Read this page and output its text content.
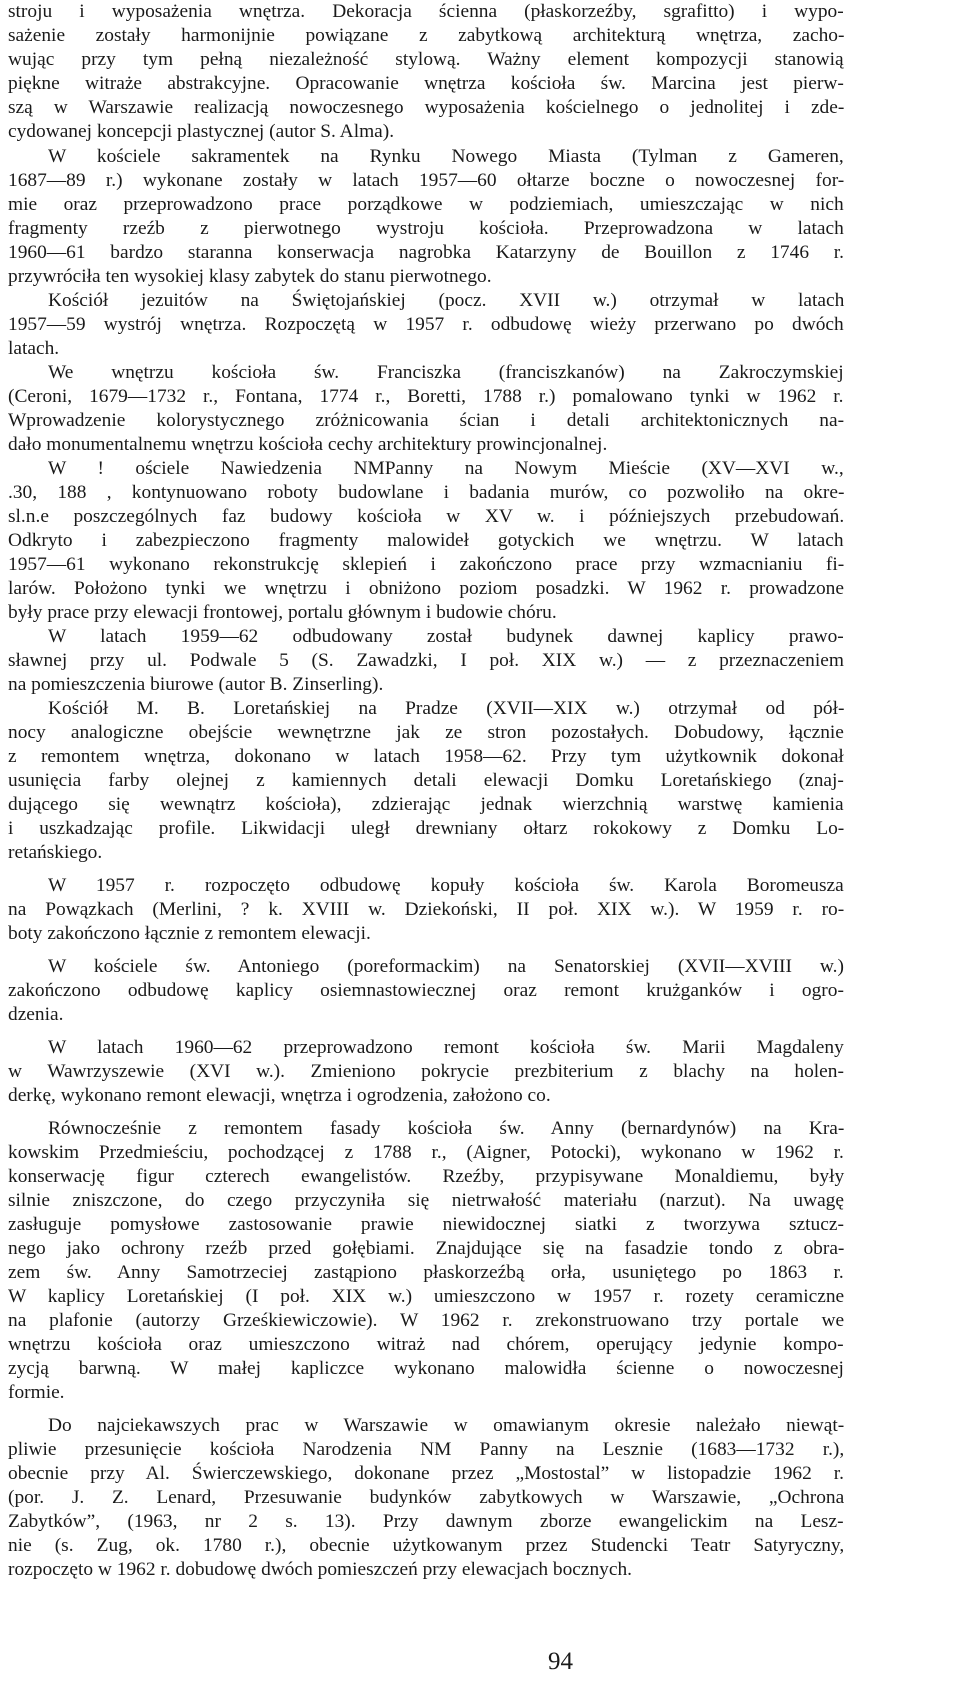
stroju i wyposażenia wnętrza. Dekoracja ścienna (płaskorzeźby, sgrafitto) i wypo-
sażenie zostały harmonijnie powiązane z zabytkową architekturą wnętrza, zacho-
wując przy tym pełną niezależność stylową. Ważny element kompozycji stanowią
piękne witraże abstrakcyjne. Opracowanie wnętrza kościoła św. Marcina jest pierw-
szą w Warszawie realizacją nowoczesnego wyposażenia kościelnego o jednolitej i zde-
cydowanej koncepcji plastycznej (autor S. Alma).
W kościele sakramentek na Rynku Nowego Miasta (Tylman z Gameren,
1687—89 r.) wykonane zostały w latach 1957—60 ołtarze boczne o nowoczesnej for-
mie oraz przeprowadzono prace porządkowe w podziemiach, umieszczając w nich
fragmenty rzeźb z pierwotnego wystroju kościoła. Przeprowadzona w latach
1960—61 bardzo staranna konserwacja nagrobka Katarzyny de Bouillon z 1746 r.
przywróciła ten wysokiej klasy zabytek do stanu pierwotnego.
Kościół jezuitów na Świętojańskiej (pocz. XVII w.) otrzymał w latach
1957—59 wystrój wnętrza. Rozpoczętą w 1957 r. odbudowę wieży przerwano po dwóch
latach.
We wnętrzu kościoła św. Franciszka (franciszkanów) na Zakroczymskiej
(Ceroni, 1679—1732 r., Fontana, 1774 r., Boretti, 1788 r.) pomalowano tynki w 1962 r.
Wprowadzenie kolorystycznego zróżnicowania ścian i detali architektonicznych na-
dało monumentalnemu wnętrzu kościoła cechy architektury prowincjonalnej.
W ! ościele Nawiedzenia NMPanny na Nowym Mieście (XV—XVI w.,
.30, 188 , kontynuowano roboty budowlane i badania murów, co pozwoliło na okre-
sl.n.e poszczególnych faz budowy kościoła w XV w. i późniejszych przebudowań.
Odkryto i zabezpieczono fragmenty malowideł gotyckich we wnętrzu. W latach
1957—61 wykonano rekonstrukcję sklepień i zakończono prace przy wzmacnianiu fi-
larów. Położono tynki we wnętrzu i obniżono poziom posadzki. W 1962 r. prowadzone
były prace przy elewacji frontowej, portalu głównym i budowie chóru.
W latach 1959—62 odbudowany został budynek dawnej kaplicy prawo-
sławnej przy ul. Podwale 5 (S. Zawadzki, I poł. XIX w.) — z przeznaczeniem
na pomieszczenia biurowe (autor B. Zinserling).
Kościół M. B. Loretańskiej na Pradze (XVII—XIX w.) otrzymał od pół-
nocy analogiczne obejście wewnętrzne jak ze stron pozostałych. Dobudowy, łącznie
z remontem wnętrza, dokonano w latach 1958—62. Przy tym użytkownik dokonał
usunięcia farby olejnej z kamiennych detali elewacji Domku Loretańskiego (znaj-
dującego się wewnątrz kościoła), zdzierając jednak wierzchnią warstwę kamienia
i uszkadzając profile. Likwidacji uległ drewniany ołtarz rokokowy z Domku Lo-
retańskiego.
W 1957 r. rozpoczęto odbudowę kopuły kościoła św. Karola Boromeusza
na Powązkach (Merlini, ? k. XVIII w. Dziekoński, II poł. XIX w.). W 1959 r. ro-
boty zakończono łącznie z remontem elewacji.
W kościele św. Antoniego (poreformackim) na Senatorskiej (XVII—XVIII w.)
zakończono odbudowę kaplicy osiemnastowiecznej oraz remont krużganków i ogro-
dzenia.
W latach 1960—62 przeprowadzono remont kościoła św. Marii Magdaleny
w Wawrzyszewie (XVI w.). Zmieniono pokrycie prezbiterium z blachy na holen-
derkę, wykonano remont elewacji, wnętrza i ogrodzenia, założono co.
Równocześnie z remontem fasady kościoła św. Anny (bernardynów) na Kra-
kowskim Przedmieściu, pochodzącej z 1788 r., (Aigner, Potocki), wykonano w 1962 r.
konserwację figur czterech ewangelistów. Rzeźby, przypisywane Monaldiemu, były
silnie zniszczone, do czego przyczyniła się nietrwałość materiału (narzut). Na uwagę
zasługuje pomysłowe zastosowanie prawie niewidocznej siatki z tworzywa sztucz-
nego jako ochrony rzeźb przed gołębiami. Znajdujące się na fasadzie tondo z obra-
zem św. Anny Samotrzeciej zastąpiono płaskorzeźbą orła, usuniętego po 1863 r.
W kaplicy Loretańskiej (I poł. XIX w.) umieszczono w 1957 r. rozety ceramiczne
na plafonie (autorzy Grześkiewiczowie). W 1962 r. zrekonstruowano trzy portale we
wnętrzu kościoła oraz umieszczono witraż nad chórem, operujący jedynie kompo-
zycją barwną. W małej kapliczce wykonano malowidła ścienne o nowoczesnej
formie.
Do najciekawszych prac w Warszawie w omawianym okresie należało niewąt-
pliwie przesunięcie kościoła Narodzenia NM Panny na Lesznie (1683—1732 r.),
obecnie przy Al. Świerczewskiego, dokonane przez „Mostostal” w listopadzie 1962 r.
(por. J. Z. Lenard, Przesuwanie budynków zabytkowych w Warszawie, „Ochrona
Zabytków”, (1963, nr 2 s. 13). Przy dawnym zborze ewangelickim na Lesz-
nie (s. Zug, ok. 1780 r.), obecnie użytkowanym przez Studencki Teatr Satyryczny,
rozpoczęto w 1962 r. dobudowę dwóch pomieszczeń przy elewacjach bocznych.
94
